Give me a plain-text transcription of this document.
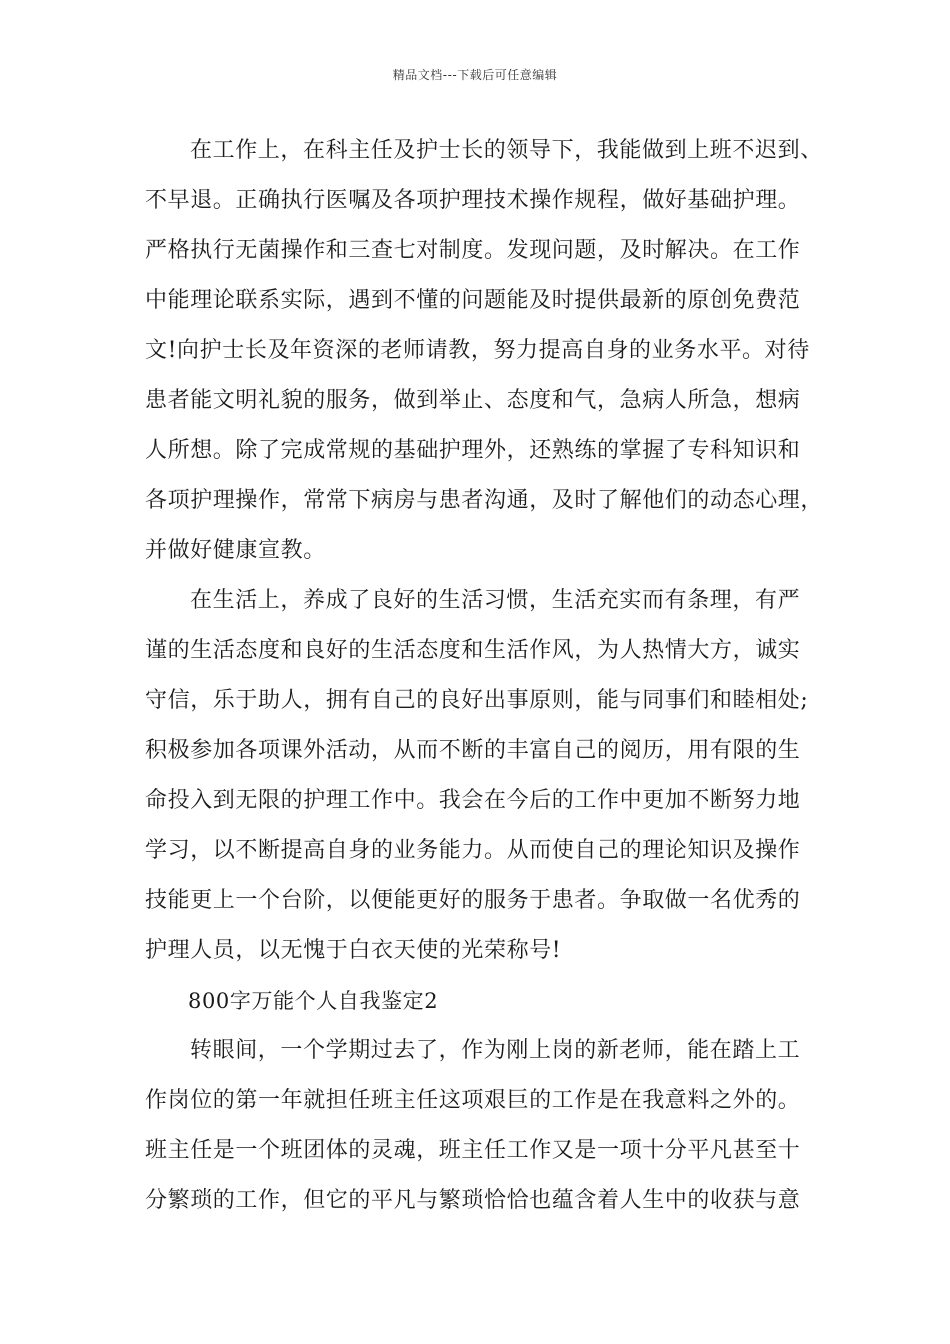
精品文档---下载后可任意编辑
在工作上，在科主任及护士长的领导下，我能做到上班不迟到、
不早退。正确执行医嘱及各项护理技术操作规程，做好基础护理。
严格执行无菌操作和三查七对制度。发现问题，及时解决。在工作
中能理论联系实际，遇到不懂的问题能及时提供最新的原创免费范
文!向护士长及年资深的老师请教，努力提高自身的业务水平。对待
患者能文明礼貌的服务，做到举止、态度和气，急病人所急，想病
人所想。除了完成常规的基础护理外，还熟练的掌握了专科知识和
各项护理操作，常常下病房与患者沟通，及时了解他们的动态心理，
并做好健康宣教。
在生活上，养成了良好的生活习惯，生活充实而有条理，有严
谨的生活态度和良好的生活态度和生活作风，为人热情大方，诚实
守信，乐于助人，拥有自己的良好出事原则，能与同事们和睦相处;
积极参加各项课外活动，从而不断的丰富自己的阅历，用有限的生
命投入到无限的护理工作中。我会在今后的工作中更加不断努力地
学习，以不断提高自身的业务能力。从而使自己的理论知识及操作
技能更上一个台阶，以便能更好的服务于患者。争取做一名优秀的
护理人员，以无愧于白衣天使的光荣称号!
800字万能个人自我鉴定2
转眼间，一个学期过去了，作为刚上岗的新老师，能在踏上工
作岗位的第一年就担任班主任这项艰巨的工作是在我意料之外的。
班主任是一个班团体的灵魂，班主任工作又是一项十分平凡甚至十
分繁琐的工作，但它的平凡与繁琐恰恰也蕴含着人生中的收获与意
